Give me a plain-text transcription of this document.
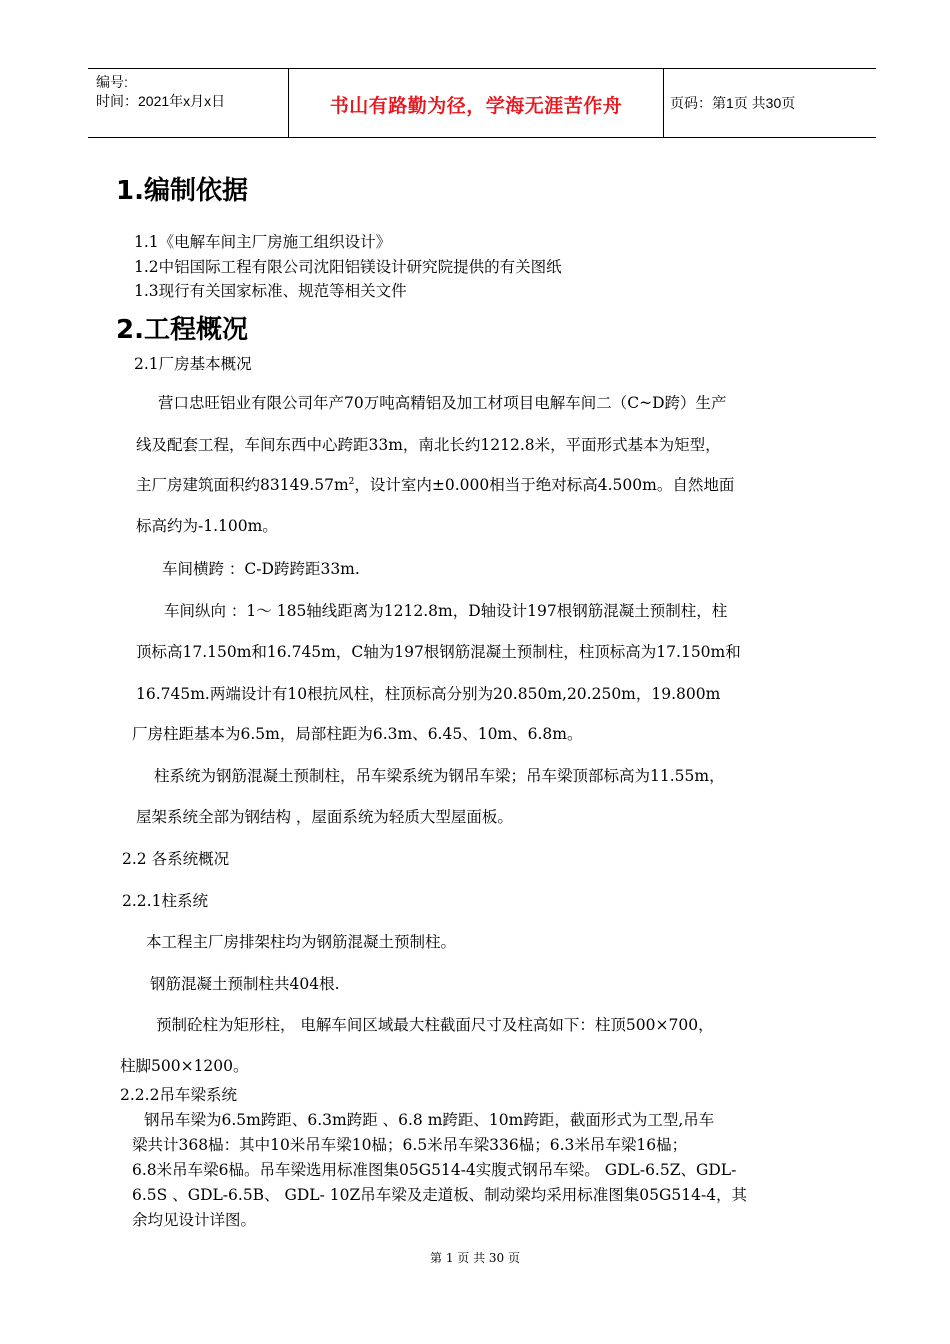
编号:
时间：2021年x月x日	书山有路勤为径，学海无涯苦作舟	页码：第1页 共30页
1.编制依据
1.1《电解车间主厂房施工组织设计》
1.2中铝国际工程有限公司沈阳铝镁设计研究院提供的有关图纸
1.3现行有关国家标准、规范等相关文件
2.工程概况
2.1厂房基本概况
营口忠旺铝业有限公司年产70万吨高精铝及加工材项目电解车间二（C~D跨）生产
线及配套工程，车间东西中心跨距33m，南北长约1212.8米，平面形式基本为矩型，
主厂房建筑面积约$83149.57m^2$，设计室内±0.000相当于绝对标高4.500m。自然地面
标高约为-1.100m。
车间横跨 ：C-D跨跨距33m.
车间纵向 ：1～ 185轴线距离为1212.8m，D轴设计197根钢筋混凝土预制柱，柱
顶标高17.150m和16.745m，C轴为197根钢筋混凝土预制柱，柱顶标高为17.150m和
16.745m.两端设计有10根抗风柱，柱顶标高分别为20.850m,20.250m，19.800m
厂房柱距基本为6.5m，局部柱距为6.3m、6.45、10m、6.8m。
柱系统为钢筋混凝土预制柱，吊车梁系统为钢吊车梁；吊车梁顶部标高为11.55m，
屋架系统全部为钢结构 ，屋面系统为轻质大型屋面板。
2.2 各系统概况
2.2.1柱系统
本工程主厂房排架柱均为钢筋混凝土预制柱。
钢筋混凝土预制柱共404根.
预制砼柱为矩形柱， 电解车间区域最大柱截面尺寸及柱高如下：柱顶500×700，
柱脚500×1200。
2.2.2吊车梁系统
钢吊车梁为6.5m跨距、6.3m跨距 、6.8 m跨距、10m跨距，截面形式为工型,吊车
梁共计368榀：其中10米吊车梁10榀；6.5米吊车梁336榀；6.3米吊车梁16榀；
6.8米吊车梁6榀。吊车梁选用标准图集05G514-4实腹式钢吊车梁。 GDL-6.5Z、GDL-
6.5S 、GDL-6.5B、 GDL- 10Z吊车梁及走道板、制动梁均采用标准图集05G514-4，其
余均见设计详图。
第 1 页 共 30 页
